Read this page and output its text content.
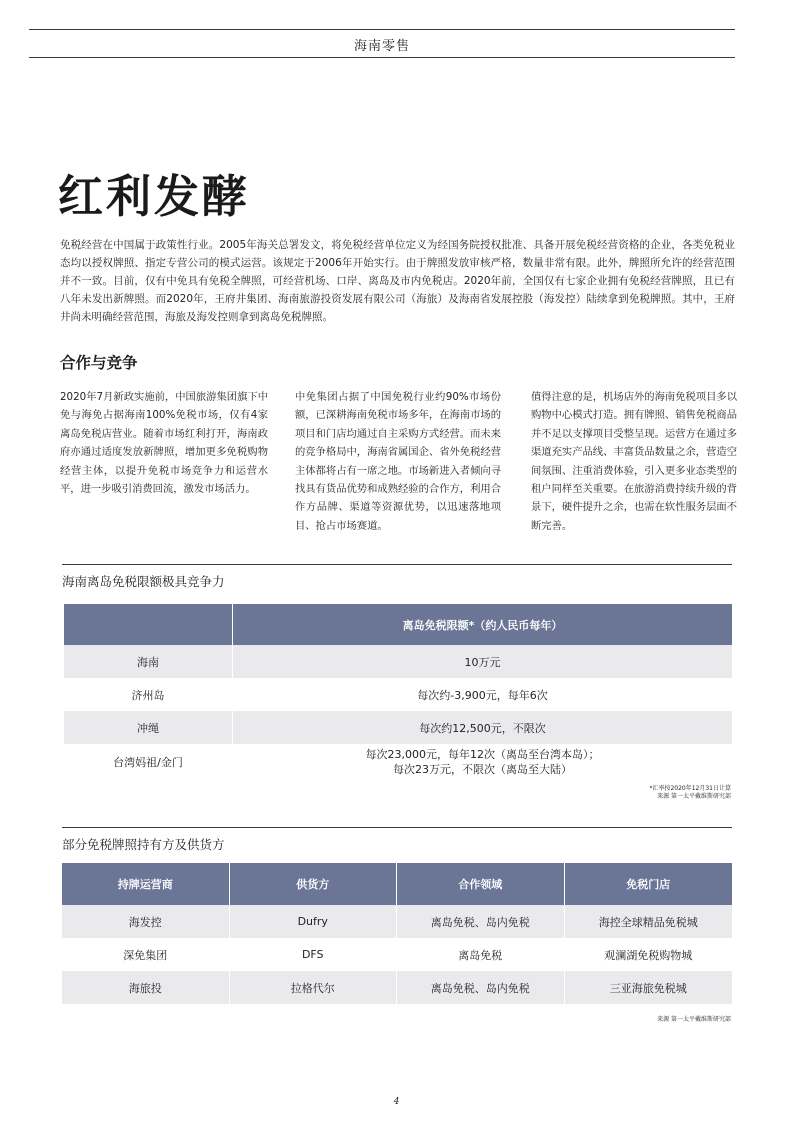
海南零售
红利发酵
免税经营在中国属于政策性行业。2005年海关总署发文，将免税经营单位定义为经国务院授权批准、具备开展免税经营资格的企业，各类免税业态均以授权牌照、指定专营公司的模式运营。该规定于2006年开始实行。由于牌照发放审核严格，数量非常有限。此外，牌照所允许的经营范围并不一致。目前，仅有中免具有免税全牌照，可经营机场、口岸、离岛及市内免税店。2020年前，全国仅有七家企业拥有免税经营牌照，且已有八年未发出新牌照。而2020年，王府井集团、海南旅游投资发展有限公司（海旅）及海南省发展控股（海发控）陆续拿到免税牌照。其中，王府井尚未明确经营范围，海旅及海发控则拿到离岛免税牌照。
合作与竞争
2020年7月新政实施前，中国旅游集团旗下中免与海免占据海南100%免税市场，仅有4家离岛免税店营业。随着市场红利打开，海南政府亦通过适度发放新牌照，增加更多免税购物经营主体，以提升免税市场竞争力和运营水平，进一步吸引消费回流，激发市场活力。
中免集团占据了中国免税行业约90%市场份额，已深耕海南免税市场多年，在海南市场的项目和门店均通过自主采购方式经营。而未来的竞争格局中，海南省属国企、省外免税经营主体都将占有一席之地。市场新进入者倾向寻找具有货品优势和成熟经验的合作方，利用合作方品牌、渠道等资源优势，以迅速落地项目、抢占市场赛道。
值得注意的是，机场店外的海南免税项目多以购物中心模式打造。拥有牌照、销售免税商品并不足以支撑项目受整呈现。运营方在通过多渠道充实产品线、丰富货品数量之余，营造空间氛围、注重消费体验，引入更多业态类型的租户同样至关重要。在旅游消费持续升级的背景下，硬件提升之余，也需在软性服务层面不断完善。
海南离岛免税限额极具竞争力
	离岛免税限额*（约人民币每年）
海南	10万元
济州岛	每次约-3,900元，每年6次
冲绳	每次约12,500元，不限次
台湾妈祖/金门	每次23,000元，每年12次（离岛至台湾本岛）；
每次23万元，不限次（离岛至大陆）
*汇率按2020年12月31日计算
来源 第一太平戴维斯研究部
部分免税牌照持有方及供货方
持牌运营商	供货方	合作领域	免税门店
海发控	Dufry	离岛免税、岛内免税	海控全球精品免税城
深免集团	DFS	离岛免税	观澜湖免税购物城
海旅投	拉格代尔	离岛免税、岛内免税	三亚海旅免税城
来源 第一太平戴维斯研究部
4
